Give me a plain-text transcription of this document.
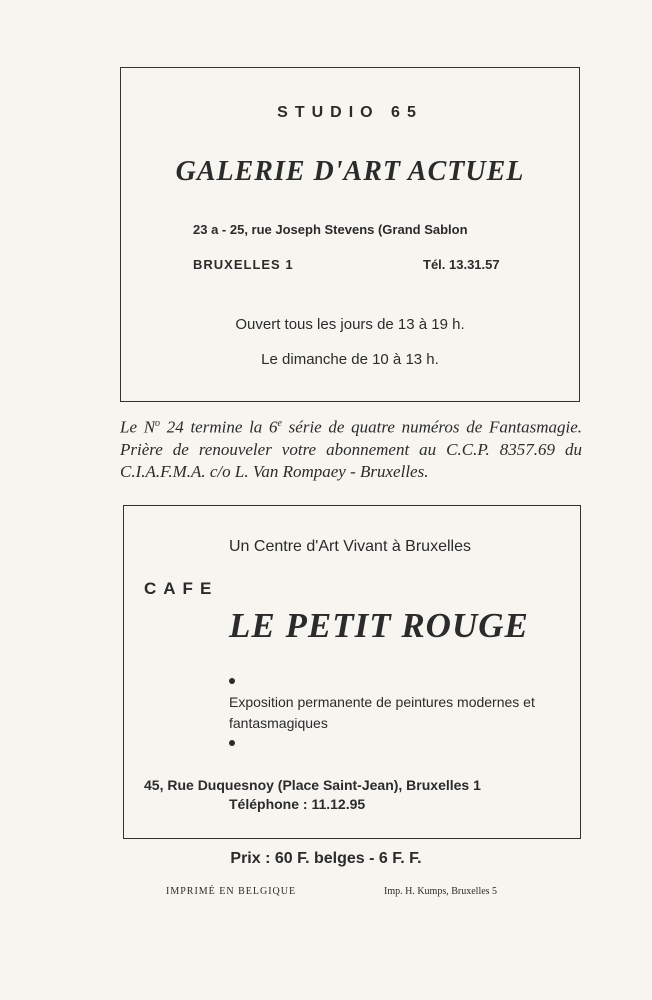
STUDIO 65
GALERIE D'ART ACTUEL
23 a - 25, rue Joseph Stevens (Grand Sablon
BRUXELLES 1	Tél. 13.31.57
Ouvert tous les jours de 13 à 19 h.
Le dimanche de 10 à 13 h.
Le $N^o$ 24 termine la 6e série de quatre numéros de Fantasmagie. Prière de renouveler votre abonnement au C.C.P. 8357.69 du C.I.A.F.M.A. c/o L. Van Rompaey - Bruxelles.
Un Centre d'Art Vivant à Bruxelles
CAFE
LE PETIT ROUGE
Exposition permanente de peintures modernes et fantasmagiques
45, Rue Duquesnoy (Place Saint-Jean), Bruxelles 1
Téléphone : 11.12.95
Prix : 60 F. belges - 6 F. F.
IMPRIMÉ EN BELGIQUE	Imp. H. Kumps, Bruxelles 5
